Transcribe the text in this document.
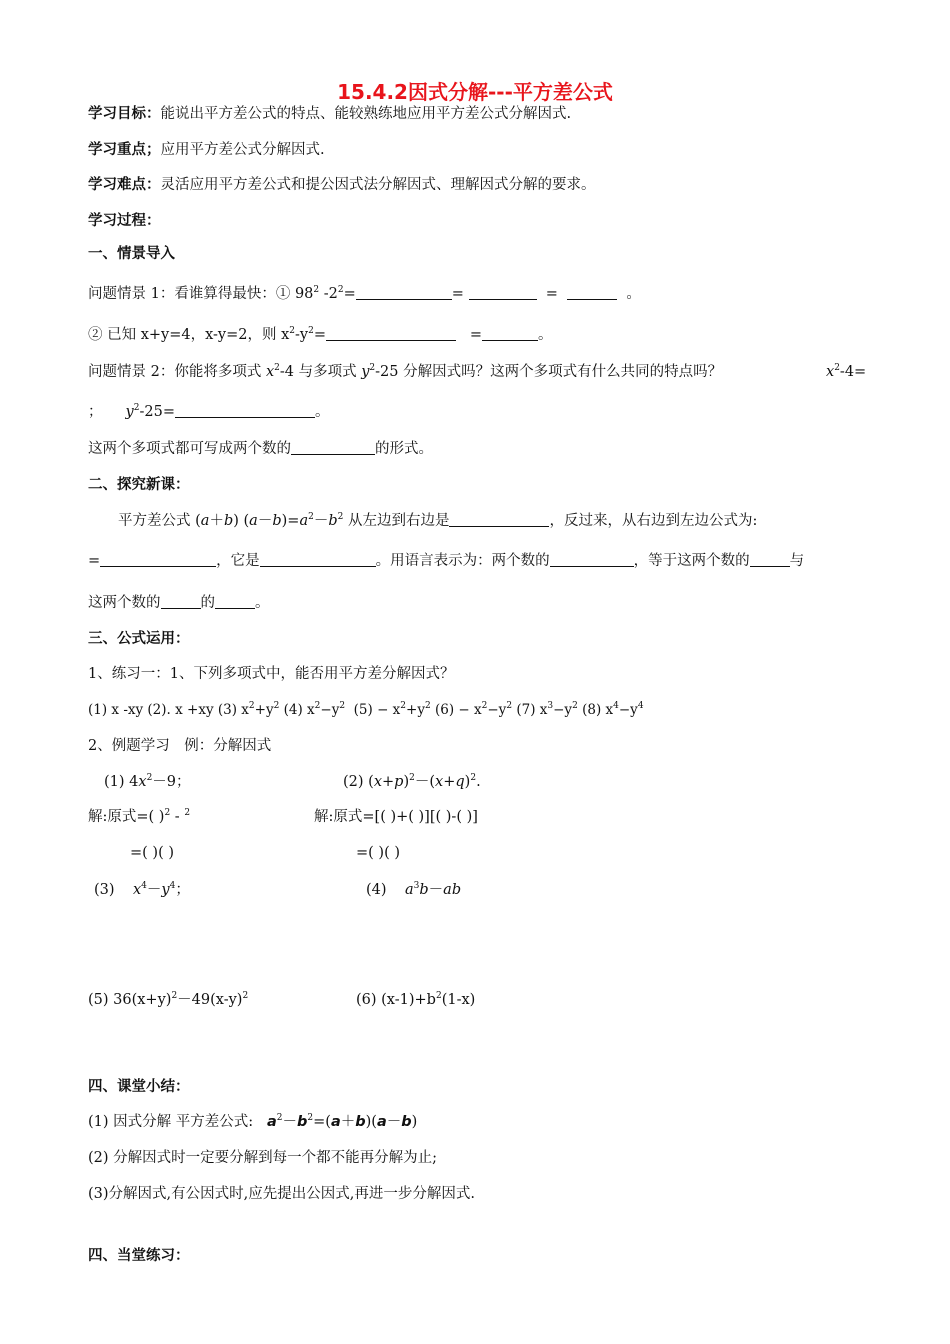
15.4.2因式分解---平方差公式
学习目标：能说出平方差公式的特点、能较熟练地应用平方差公式分解因式.
学习重点；应用平方差公式分解因式.
学习难点：灵活应用平方差公式和提公因式法分解因式、理解因式分解的要求。
学习过程：
一、情景导入
问题情景 1：看谁算得最快：① $98^2$ $-2^2=$	=	=	。
② 已知 x+y=4，x-y=2，则 $x^2-y^2=$	=	。
问题情景 2：你能将多项式 $x^2-4$ 与多项式 $y^2-25$ 分解因式吗？这两个多项式有什么共同的特点吗？	$x^2-4=$
； $y^2-25=$	。
这两个多项式都可写成两个数的	的形式。
二、探究新课：
平方差公式 (a＋b) $(a-b)=a^2-b^2$ 从左边到右边是	，反过来，从右边到左边公式为:
=	，它是	。用语言表示为：两个数的	，等于这两个数的	与
这两个数的	的	。
三、公式运用：
1、练习一：1、下列多项式中，能否用平方差分解因式？
(1) x -xy (2). x +xy (3) $x^2+y^2$ (4) $x^2-y^2$  $(5) - x^2+y^2$ $(6) - x^2-y^2$ (7) $x^3-y^2$ (8) $x^4-y^4$
2、例题学习　例：分解因式
(1) $4x^2-9$；	(2) $(x+p)^2-(x+q)^2$.
解:原式=( )$^2$ - $^2$	解:原式=[( )+( )][( )-( )]
=( )( )	=( )( )
(3) $x^4-y^4$；	(4) $a^3b-ab$
(5) $36(x+y)^2-49(x-y)^2$	(6) $(x-1)+b^2(1-x)$
四、课堂小结：
(1) 因式分解 平方差公式: $a^2-b^2=(a+b)(a-b)$
(2) 分解因式时一定要分解到每一个都不能再分解为止;
(3)分解因式,有公因式时,应先提出公因式,再进一步分解因式.
四、当堂练习：
